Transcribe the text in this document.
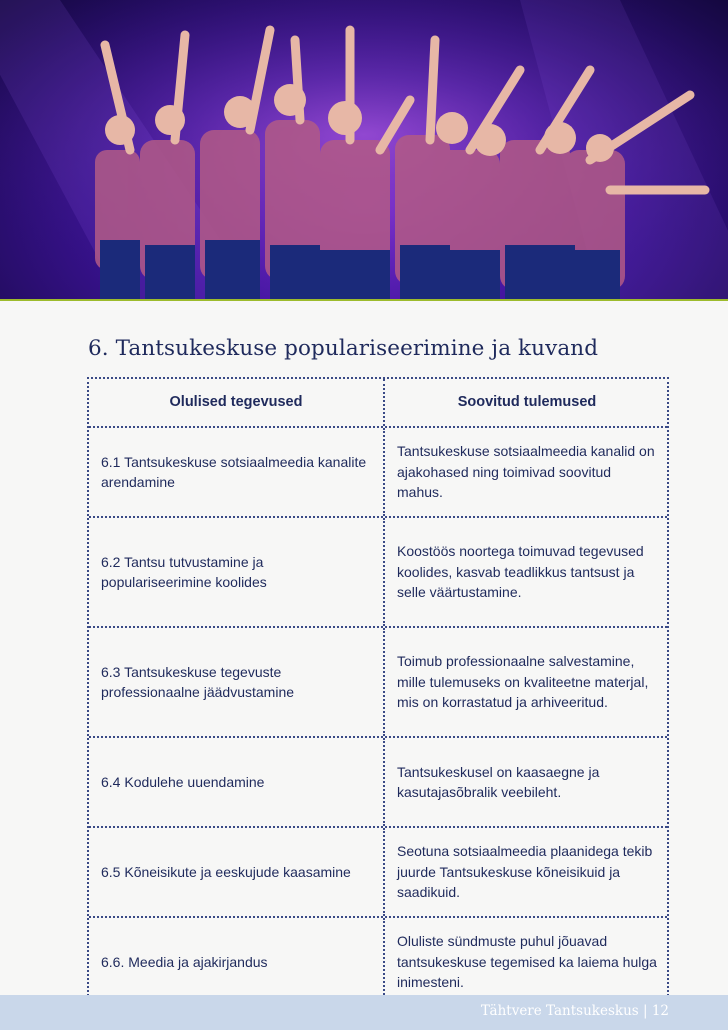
6. Tantsukeskuse populariseerimine ja kuvand
Olulised tegevused	Soovitud tulemused
6.1 Tantsukeskuse sotsiaalmeedia kanalite arendamine
Tantsukeskuse sotsiaalmeedia kanalid on ajakohased ning toimivad soovitud mahus.
6.2 Tantsu tutvustamine ja populariseerimine koolides
Koostöös noortega toimuvad tegevused koolides, kasvab teadlikkus tantsust ja selle väärtustamine.
6.3 Tantsukeskuse tegevuste professionaalne jäädvustamine
Toimub professionaalne salvestamine, mille tulemuseks on kvaliteetne materjal, mis on korrastatud ja arhiveeritud.
6.4 Kodulehe uuendamine
Tantsukeskusel on kaasaegne ja kasutajasõbralik veebileht.
6.5 Kõneisikute ja eeskujude kaasamine
Seotuna sotsiaalmeedia plaanidega tekib juurde Tantsukeskuse kõneisikuid ja saadikuid.
6.6. Meedia ja ajakirjandus
Oluliste sündmuste puhul jõuavad tantsukeskuse tegemised ka laiema hulga inimesteni.
Tähtvere Tantsukeskus | 12
